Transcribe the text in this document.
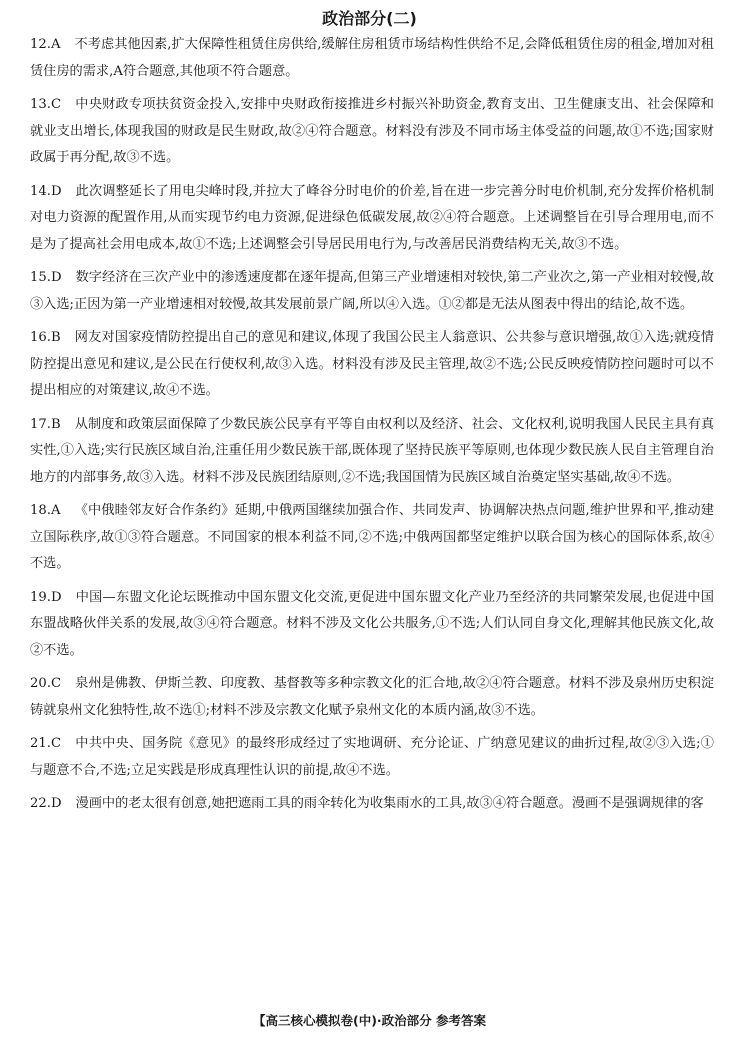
政治部分(二)
12.A 不考虑其他因素,扩大保障性租赁住房供给,缓解住房租赁市场结构性供给不足,会降低租赁住房的租金,增加对租赁住房的需求,A符合题意,其他项不符合题意。
13.C 中央财政专项扶贫资金投入,安排中央财政衔接推进乡村振兴补助资金,教育支出、卫生健康支出、社会保障和就业支出增长,体现我国的财政是民生财政,故②④符合题意。材料没有涉及不同市场主体受益的问题,故①不选;国家财政属于再分配,故③不选。
14.D 此次调整延长了用电尖峰时段,并拉大了峰谷分时电价的价差,旨在进一步完善分时电价机制,充分发挥价格机制对电力资源的配置作用,从而实现节约电力资源,促进绿色低碳发展,故②④符合题意。上述调整旨在引导合理用电,而不是为了提高社会用电成本,故①不选;上述调整会引导居民用电行为,与改善居民消费结构无关,故③不选。
15.D 数字经济在三次产业中的渗透速度都在逐年提高,但第三产业增速相对较快,第二产业次之,第一产业相对较慢,故③入选;正因为第一产业增速相对较慢,故其发展前景广阔,所以④入选。①②都是无法从图表中得出的结论,故不选。
16.B 网友对国家疫情防控提出自己的意见和建议,体现了我国公民主人翁意识、公共参与意识增强,故①入选;就疫情防控提出意见和建议,是公民在行使权利,故③入选。材料没有涉及民主管理,故②不选;公民反映疫情防控问题时可以不提出相应的对策建议,故④不选。
17.B 从制度和政策层面保障了少数民族公民享有平等自由权利以及经济、社会、文化权利,说明我国人民民主具有真实性,①入选;实行民族区域自治,注重任用少数民族干部,既体现了坚持民族平等原则,也体现少数民族人民自主管理自治地方的内部事务,故③入选。材料不涉及民族团结原则,②不选;我国国情为民族区域自治奠定坚实基础,故④不选。
18.A 《中俄睦邻友好合作条约》延期,中俄两国继续加强合作、共同发声、协调解决热点问题,维护世界和平,推动建立国际秩序,故①③符合题意。不同国家的根本利益不同,②不选;中俄两国都坚定维护以联合国为核心的国际体系,故④不选。
19.D 中国—东盟文化论坛既推动中国东盟文化交流,更促进中国东盟文化产业乃至经济的共同繁荣发展,也促进中国东盟战略伙伴关系的发展,故③④符合题意。材料不涉及文化公共服务,①不选;人们认同自身文化,理解其他民族文化,故②不选。
20.C 泉州是佛教、伊斯兰教、印度教、基督教等多种宗教文化的汇合地,故②④符合题意。材料不涉及泉州历史积淀铸就泉州文化独特性,故不选①;材料不涉及宗教文化赋予泉州文化的本质内涵,故③不选。
21.C 中共中央、国务院《意见》的最终形成经过了实地调研、充分论证、广纳意见建议的曲折过程,故②③入选;①与题意不合,不选;立足实践是形成真理性认识的前提,故④不选。
22.D 漫画中的老太很有创意,她把遮雨工具的雨伞转化为收集雨水的工具,故③④符合题意。漫画不是强调规律的客
【高三核心模拟卷(中)·政治部分 参考答案
